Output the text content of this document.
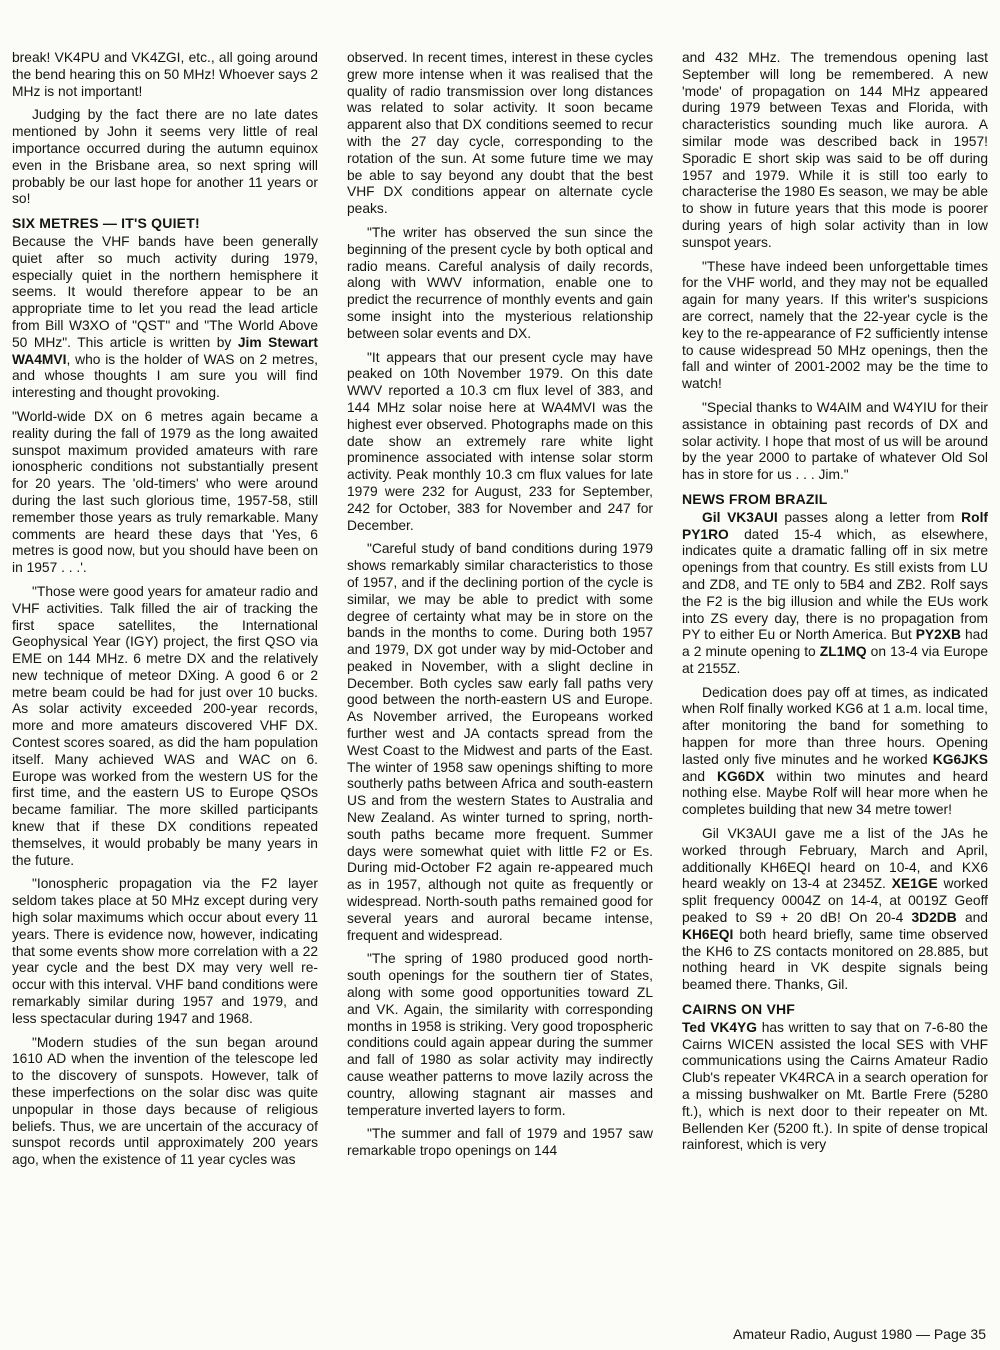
break! VK4PU and VK4ZGI, etc., all going around the bend hearing this on 50 MHz! Whoever says 2 MHz is not important!

Judging by the fact there are no late dates mentioned by John it seems very little of real importance occurred during the autumn equinox even in the Brisbane area, so next spring will probably be our last hope for another 11 years or so!

SIX METRES — IT'S QUIET!

Because the VHF bands have been generally quiet after so much activity during 1979, especially quiet in the northern hemisphere it seems. It would therefore appear to be an appropriate time to let you read the lead article from Bill W3XO of "QST" and "The World Above 50 MHz". This article is written by Jim Stewart WA4MVI, who is the holder of WAS on 2 metres, and whose thoughts I am sure you will find interesting and thought provoking.

"World-wide DX on 6 metres again became a reality during the fall of 1979 as the long awaited sunspot maximum provided amateurs with rare ionospheric conditions not substantially present for 20 years. The 'old-timers' who were around during the last such glorious time, 1957-58, still remember those years as truly remarkable. Many comments are heard these days that 'Yes, 6 metres is good now, but you should have been on in 1957 . . .'.

"Those were good years for amateur radio and VHF activities. Talk filled the air of tracking the first space satellites, the International Geophysical Year (IGY) project, the first QSO via EME on 144 MHz. 6 metre DX and the relatively new technique of meteor DXing. A good 6 or 2 metre beam could be had for just over 10 bucks. As solar activity exceeded 200-year records, more and more amateurs discovered VHF DX. Contest scores soared, as did the ham population itself. Many achieved WAS and WAC on 6. Europe was worked from the western US for the first time, and the eastern US to Europe QSOs became familiar. The more skilled participants knew that if these DX conditions repeated themselves, it would probably be many years in the future.

"Ionospheric propagation via the F2 layer seldom takes place at 50 MHz except during very high solar maximums which occur about every 11 years. There is evidence now, however, indicating that some events show more correlation with a 22 year cycle and the best DX may very well re-occur with this interval. VHF band conditions were remarkably similar during 1957 and 1979, and less spectacular during 1947 and 1968.

"Modern studies of the sun began around 1610 AD when the invention of the telescope led to the discovery of sunspots. However, talk of these imperfections on the solar disc was quite unpopular in those days because of religious beliefs. Thus, we are uncertain of the accuracy of sunspot records until approximately 200 years ago, when the existence of 11 year cycles was

observed. In recent times, interest in these cycles grew more intense when it was realised that the quality of radio transmission over long distances was related to solar activity. It soon became apparent also that DX conditions seemed to recur with the 27 day cycle, corresponding to the rotation of the sun. At some future time we may be able to say beyond any doubt that the best VHF DX conditions appear on alternate cycle peaks.

"The writer has observed the sun since the beginning of the present cycle by both optical and radio means. Careful analysis of daily records, along with WWV information, enable one to predict the recurrence of monthly events and gain some insight into the mysterious relationship between solar events and DX.

"It appears that our present cycle may have peaked on 10th November 1979. On this date WWV reported a 10.3 cm flux level of 383, and 144 MHz solar noise here at WA4MVI was the highest ever observed. Photographs made on this date show an extremely rare white light prominence associated with intense solar storm activity. Peak monthly 10.3 cm flux values for late 1979 were 232 for August, 233 for September, 242 for October, 383 for November and 247 for December.

"Careful study of band conditions during 1979 shows remarkably similar characteristics to those of 1957, and if the declining portion of the cycle is similar, we may be able to predict with some degree of certainty what may be in store on the bands in the months to come. During both 1957 and 1979, DX got under way by mid-October and peaked in November, with a slight decline in December. Both cycles saw early fall paths very good between the north-eastern US and Europe. As November arrived, the Europeans worked further west and JA contacts spread from the West Coast to the Midwest and parts of the East. The winter of 1958 saw openings shifting to more southerly paths between Africa and south-eastern US and from the western States to Australia and New Zealand. As winter turned to spring, north-south paths became more frequent. Summer days were somewhat quiet with little F2 or Es. During mid-October F2 again re-appeared much as in 1957, although not quite as frequently or widespread. North-south paths remained good for several years and auroral became intense, frequent and widespread.

"The spring of 1980 produced good north-south openings for the southern tier of States, along with some good opportunities toward ZL and VK. Again, the similarity with corresponding months in 1958 is striking. Very good tropospheric conditions could again appear during the summer and fall of 1980 as solar activity may indirectly cause weather patterns to move lazily across the country, allowing stagnant air masses and temperature inverted layers to form.

"The summer and fall of 1979 and 1957 saw remarkable tropo openings on 144

and 432 MHz. The tremendous opening last September will long be remembered. A new 'mode' of propagation on 144 MHz appeared during 1979 between Texas and Florida, with characteristics sounding much like aurora. A similar mode was described back in 1957! Sporadic E short skip was said to be off during 1957 and 1979. While it is still too early to characterise the 1980 Es season, we may be able to show in future years that this mode is poorer during years of high solar activity than in low sunspot years.

"These have indeed been unforgettable times for the VHF world, and they may not be equalled again for many years. If this writer's suspicions are correct, namely that the 22-year cycle is the key to the re-appearance of F2 sufficiently intense to cause widespread 50 MHz openings, then the fall and winter of 2001-2002 may be the time to watch!

"Special thanks to W4AIM and W4YIU for their assistance in obtaining past records of DX and solar activity. I hope that most of us will be around by the year 2000 to partake of whatever Old Sol has in store for us . . . Jim."

NEWS FROM BRAZIL

Gil VK3AUI passes along a letter from Rolf PY1RO dated 15-4 which, as elsewhere, indicates quite a dramatic falling off in six metre openings from that country. Es still exists from LU and ZD8, and TE only to 5B4 and ZB2. Rolf says the F2 is the big illusion and while the EUs work into ZS every day, there is no propagation from PY to either Eu or North America. But PY2XB had a 2 minute opening to ZL1MQ on 13-4 via Europe at 2155Z.

Dedication does pay off at times, as indicated when Rolf finally worked KG6 at 1 a.m. local time, after monitoring the band for something to happen for more than three hours. Opening lasted only five minutes and he worked KG6JKS and KG6DX within two minutes and heard nothing else. Maybe Rolf will hear more when he completes building that new 34 metre tower!

Gil VK3AUI gave me a list of the JAs he worked through February, March and April, additionally KH6EQI heard on 10-4, and KX6 heard weakly on 13-4 at 2345Z. XE1GE worked split frequency 0004Z on 14-4, at 0019Z Geoff peaked to S9 + 20 dB! On 20-4 3D2DB and KH6EQI both heard briefly, same time observed the KH6 to ZS contacts monitored on 28.885, but nothing heard in VK despite signals being beamed there. Thanks, Gil.

CAIRNS ON VHF

Ted VK4YG has written to say that on 7-6-80 the Cairns WICEN assisted the local SES with VHF communications using the Cairns Amateur Radio Club's repeater VK4RCA in a search operation for a missing bushwalker on Mt. Bartle Frere (5280 ft.), which is next door to their repeater on Mt. Bellenden Ker (5200 ft.). In spite of dense tropical rainforest, which is very

Amateur Radio, August 1980 — Page 35
